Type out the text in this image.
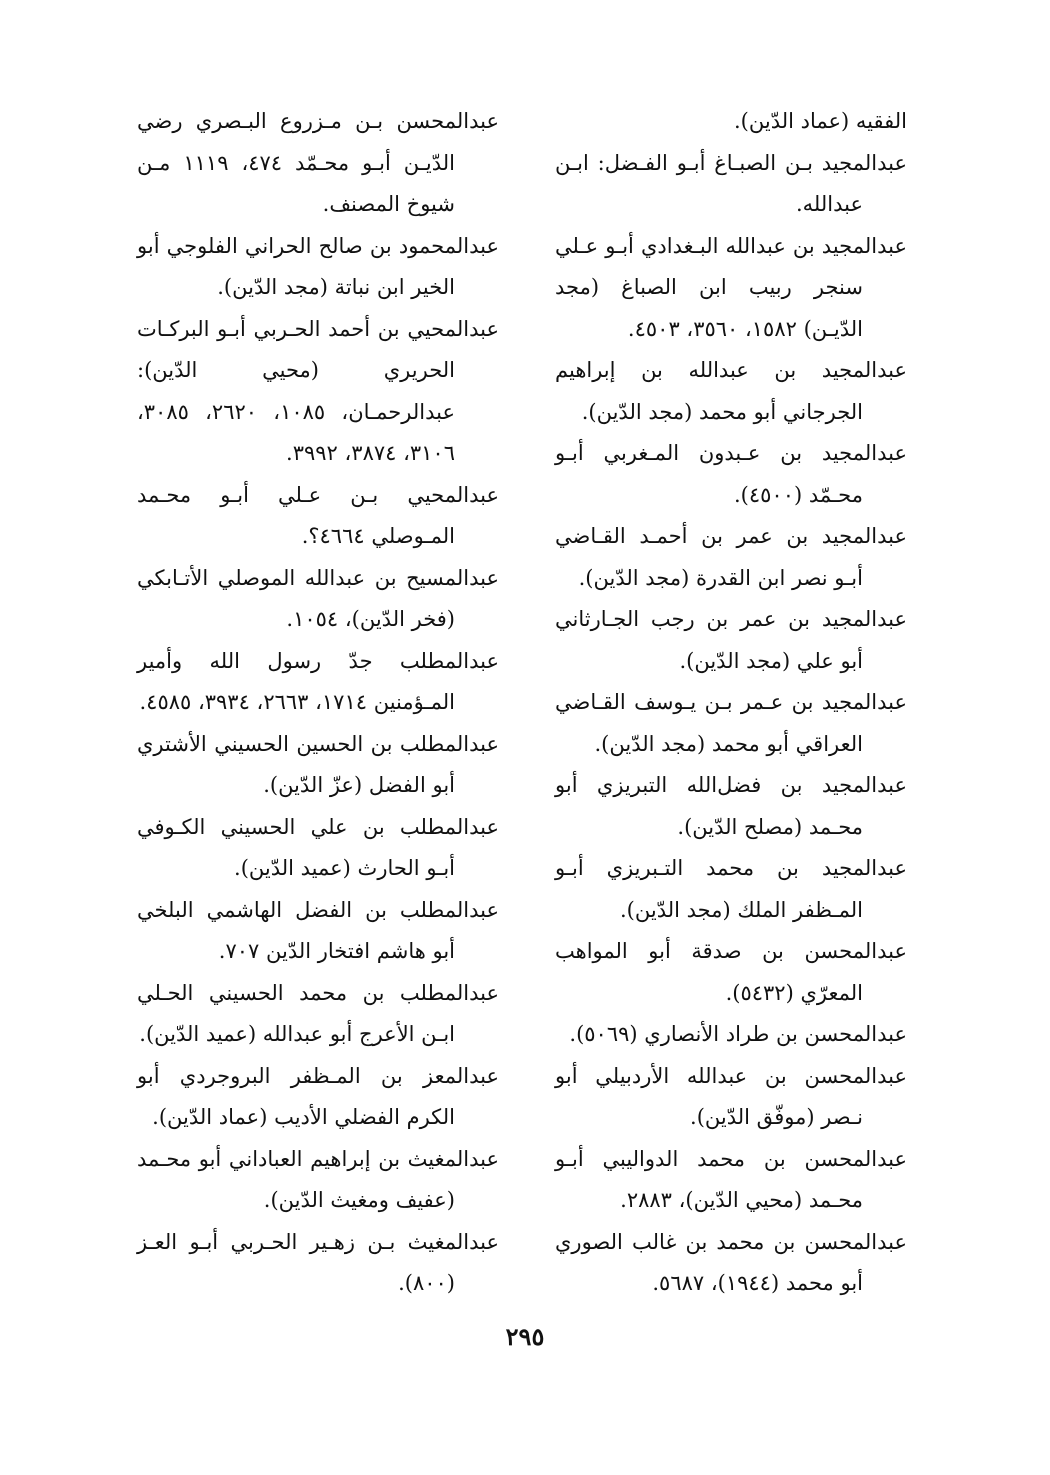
الفقيه (عماد الدّين).

عبدالمجيد بـن الصبـاغ أبـو الفـضل: ابـن عبدالله.

عبدالمجيد بن عبدالله البـغدادي أبـو عـلي سنجر ربيب ابن الصباغ (مجد الدّيـن) ١٥٨٢، ٣٥٦٠، ٤٥٠٣.

عبدالمجيد بن عبدالله بن إبراهيم الجرجاني أبو محمد (مجد الدّين).

عبدالمجيد بن عـبدون المـغربي أبـو محـمّد (٤٥٠٠).

عبدالمجيد بن عمر بن أحمـد القـاضي أبـو نصر ابن القدرة (مجد الدّين).

عبدالمجيد بن عمر بن رجب الجـارثاني أبو علي (مجد الدّين).

عبدالمجيد بن عـمر بـن يـوسف القـاضي العراقي أبو محمد (مجد الدّين).

عبدالمجيد بن فضل‌الله التبريزي أبو محـمد (مصلح الدّين).

عبدالمجيد بن محمد التـبريزي أبـو المـظفر الملك (مجد الدّين).

عبدالمحسن بن صدقة أبو المواهب المعرّي (٥٤٣٢).

عبدالمحسن بن طراد الأنصاري (٥٠٦٩).

عبدالمحسن بن عبدالله الأردبيلي أبو نـصر (موفّق الدّين).

عبدالمحسن بن محمد الدواليبي أبـو محـمد (محيي الدّين)، ٢٨٨٣.

عبدالمحسن بن محمد بن غالب الصوري أبو محمد (١٩٤٤)، ٥٦٨٧.

عبدالمحسن بـن مـزروع البـصري رضي الدّيـن أبـو محـمّد ٤٧٤، ١١١٩ مـن شيوخ المصنف.

عبدالمحمود بن صالح الحراني الفلوجي أبو الخير ابن نباتة (مجد الدّين).

عبدالمحيي بن أحمد الحـربي أبـو البركـات الحريري (محيي الدّين): عبدالرحمـان، ١٠٨٥، ٢٦٢٠، ٣٠٨٥، ٣١٠٦، ٣٨٧٤، ٣٩٩٢.

عبدالمحيي بـن عـلي أبـو محـمد المـوصلي ٤٦٦٤؟.

عبدالمسيح بن عبدالله الموصلي الأتـابكي (فخر الدّين)، ١٠٥٤.

عبدالمطلب جدّ رسول الله وأمير المـؤمنين ١٧١٤، ٢٦٦٣، ٣٩٣٤، ٤٥٨٥.

عبدالمطلب بن الحسين الحسيني الأشتري أبو الفضل (عزّ الدّين).

عبدالمطلب بن علي الحسيني الكـوفي أبـو الحارث (عميد الدّين).

عبدالمطلب بن الفضل الهاشمي البلخي أبو هاشم افتخار الدّين ٧٠٧.

عبدالمطلب بن محمد الحسيني الحـلي ابـن الأعرج أبو عبدالله (عميد الدّين).

عبدالمعز بن المـظفر البروجردي أبو الكرم الفضلي الأديب (عماد الدّين).

عبدالمغيث بن إبراهيم العباداني أبو محـمد (عفيف ومغيث الدّين).

عبدالمغيث بـن زهـير الحـربي أبـو العـز (٨٠٠).

٢٩٥
